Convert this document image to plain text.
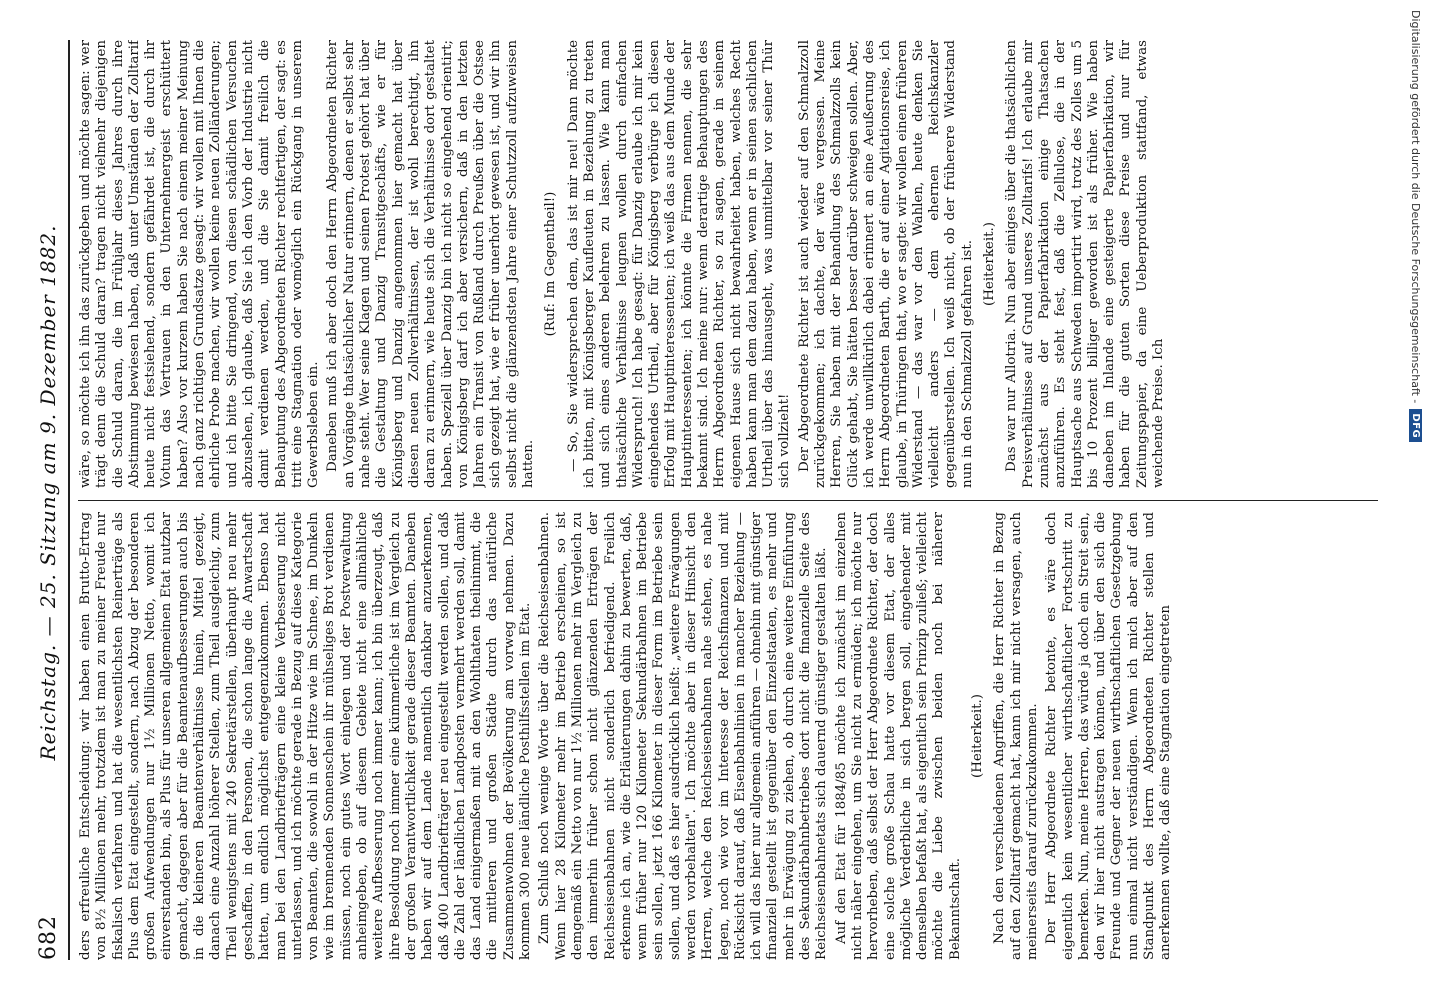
682
Reichstag. — 25. Sitzung am 9. Dezember 1882. ders erfreuliche Entscheidung: wir haben einen Brutto-Ertrag von 8½ Millionen mehr, trotzdem ist man zu meiner Freude nur fiskalisch verfahren und hat die wesentlichsten Reinerträge als Plus dem Etat eingestellt, sondern, nach Abzug der besonderen großen Aufwendungen nur 1½ Millionen Netto, womit ich einverstanden bin, als Plus für unseren allgemeinen Etat nutzbar gemacht, dagegen aber für die Beamtenaufbesserungen auch bis in die kleineren Beamtenverhältnisse hinein, Mittel gezeigt, danach eine Anzahl höherer Stellen, zum Theil ausgleichig, zum Theil wenigstens mit 240 Sekretärstellen, überhaupt neu mehr geschaffen, in den Personen, die schon lange die Anwartschaft hatten, um endlich möglichst entgegenzukommen. Ebenso hat man bei den Landbriefträgern eine kleine Verbesserung nicht unterlassen, und ich möchte gerade in Bezug auf diese Kategorie von Beamten, die sowohl in der Hitze wie im Schnee, im Dunkeln wie im brennenden Sonnenschein ihr mühseliges Brot verdienen müssen, noch ein gutes Wort einlegen und der Postverwaltung anheimgeben, ob auf diesem Gebiete nicht eine allmähliche weitere Aufbesserung noch immer kann; ich bin überzeugt, daß ihre Besoldung noch immer eine kümmerliche ist im Vergleich zu der großen Verantwortlichkeit gerade dieser Beamten. Daneben haben wir auf dem Lande namentlich dankbar anzuerkennen, daß 400 Landbriefträger neu eingestellt werden sollen, und daß die Zahl der ländlichen Landposten vermehrt werden soll, damit das Land einigermaßen mit an den Wohlthaten theilnimmt, die die mittleren und großen Städte durch das natürliche Zusammenwohnen der Bevölkerung am vorweg nehmen. Dazu kommen 300 neue ländliche Posthilfsstellen im Etat. Zum Schluß noch wenige Worte über die Reichseisenbahnen. Wenn hier 28 Kilometer mehr im Betrieb erscheinen, so ist demgemäß ein Netto von nur 1½ Millionen mehr im Vergleich zu den immerhin früher schon nicht glänzenden Erträgen der Reichseisenbahnen nicht sonderlich befriedigend. Freilich erkenne ich an, wie die Erläuterungen dahin zu bewerten, daß, wenn früher nur 120 Kilometer Sekundärbahnen im Betriebe sein sollen, jetzt 166 Kilometer in dieser Form im Betriebe sein sollen, und daß es hier ausdrücklich heißt: „weitere Erwägungen werden vorbehalten". Ich möchte aber in dieser Hinsicht den Herren, welche den Reichseisenbahnen nahe stehen, es nahe legen, noch wie vor im Interesse der Reichsfinanzen und mit Rücksicht darauf, daß Eisenbahnlinien in mancher Beziehung — ich will das hier nur allgemein anführen — ohnehin mit günstiger finanziell gestellt ist gegenüber den Einzelstaaten, es mehr und mehr in Erwägung zu ziehen, ob durch eine weitere Einführung des Sekundärbahnbetriebes dort nicht die finanzielle Seite des Reichseisenbahnetats sich dauernd günstiger gestalten läßt. Auf den Etat für 1884/85 möchte ich zunächst im einzelnen nicht näher eingehen, um Sie nicht zu ermüden; ich möchte nur hervorheben, daß selbst der Herr Abgeordnete Richter, der doch eine solche große Schau hatte vor diesem Etat, der alles mögliche Verderbliche in sich bergen soll, eingehender mit demselben befaßt hat, als eigentlich sein Prinzip zuließ; vielleicht möchte die Liebe zwischen beiden noch bei näherer Bekanntschaft.

(Heiterkeit.) Nach den verschiedenen Angriffen, die Herr Richter in Bezug auf den Zolltarif gemacht hat, kann ich mir nicht versagen, auch meinerseits darauf zurückzukommen. Der Herr Abgeordnete Richter betonte, es wäre doch eigentlich kein wesentlicher wirthschaftlicher Fortschritt zu bemerken. Nun, meine Herren, das würde ja doch ein Streit sein, den wir hier nicht austragen können, und über den sich die Freunde und Gegner der neuen wirthschaftlichen Gesetzgebung nun einmal nicht verständigen. Wenn ich mich aber auf den Standpunkt des Herrn Abgeordneten Richter stellen und anerkennen wollte, daß eine Stagnation eingetreten

wäre, so möchte ich ihn das zurückgeben und möchte sagen: wer trägt denn die Schuld daran? tragen nicht vielmehr diejenigen die Schuld daran, die im Frühjahr dieses Jahres durch ihre Abstimmung bewiesen haben, daß unter Umständen der Zolltarif heute nicht festsiehend, sondern gefährdet ist, die durch ihr Votum das Vertrauen in den Unternehmergeist erschüttert haben? Also vor kurzem haben Sie nach einem meiner Meinung nach ganz richtigen Grundsatze gesagt: wir wollen mit Ihnen die ehrliche Probe machen, wir wollen keine neuen Zolländerungen; und ich bitte Sie dringend, von diesen schädlichen Versuchen abzusehen, ich glaube, daß Sie ich den Vorb der Industrie nicht damit verdienen werden, und die Sie damit freilich die Behauptung des Abgeordneten Richter rechtfertigen, der sagt: es tritt eine Stagnation oder womöglich ein Rückgang in unserem Gewerbsleben ein. Daneben muß ich aber doch den Herrn Abgeordneten Richter an Vorgänge thatsächlicher Natur erinnern, denen er selbst sehr nahe steht. Wer seine Klagen und seinen Protest gehört hat über die Gestaltung und Danzig Transitgeschäfts, wie er für Königsberg und Danzig angenommen hier gemacht hat über diesen neuen Zollverhältnissen, der ist wohl berechtigt, ihn daran zu erinnern, wie heute sich die Verhältnisse dort gestaltet haben. Speziell über Danzig bin ich nicht so eingehend orientirt; von Königsberg darf ich aber versichern, daß in den letzten Jahren ein Transit von Rußland durch Preußen über die Ostsee sich gezeigt hat, wie er früher unerhört gewesen ist, und wir ihn selbst nicht die glänzendsten Jahre einer Schutzzoll aufzuweisen hatten.

(Ruf: Im Gegentheil!) — So, Sie widersprechen dem, das ist mir neu! Dann möchte ich bitten, mit Königsberger Kaufleuten in Beziehung zu treten und sich eines anderen belehren zu lassen. Wie kann man thatsächliche Verhältnisse leugnen wollen durch einfachen Widerspruch! Ich habe gesagt: für Danzig erlaube ich mir kein eingehendes Urtheil, aber für Königsberg verbürge ich diesen Erfolg mit Hauptinteressenten; ich weiß das aus dem Munde der Hauptinteressenten; ich könnte die Firmen nennen, die sehr bekannt sind. Ich meine nur: wenn derartige Behauptungen des Herrn Abgeordneten Richter, so zu sagen, gerade in seinem eigenen Hause sich nicht bewahrheitet haben, welches Recht haben kann man dem dazu haben, wenn er in seinen sachlichen Urtheil über das hinausgeht, was unmittelbar vor seiner Thür sich vollzieht! Der Abgeordnete Richter ist auch wieder auf den Schmalzzoll zurückgekommen; ich dachte, der wäre vergessen. Meine Herren, Sie haben mit der Behandlung des Schmalzzolls kein Glück gehabt, Sie hätten besser darüber schweigen sollen. Aber, ich werde unwillkürlich dabei erinnert an eine Aeußerung des Herrn Abgeordneten Barth, die er auf einer Agitationsreise, ich glaube, in Thüringen that, wo er sagte: wir wollen einen früheren Widerstand — das war vor den Wahlen, heute denken Sie vielleicht anders — dem ehernen Reichskanzler gegenüberstellen. Ich weiß nicht, ob der früherere Widerstand nun in den Schmalzzoll gefahren ist. (Heiterkeit.) Das war nur Allotria. Nun aber einiges über die thatsächlichen Preisverhältnisse auf Grund unseres Zolltarifs! Ich erlaube mir zunächst aus der Papierfabrikation einige Thatsachen anzuführen. Es steht fest, daß die Zellulose, die in der Hauptsache aus Schweden importirt wird, trotz des Zolles um 5 bis 10 Prozent billiger geworden ist als früher. Wie haben daneben im Inlande eine gesteigerte Papierfabrikation, wir haben für die guten Sorten diese Preise und nur für Zeitungspapier, da eine Ueberproduktion stattfand, etwas weichende Preise. Ich

Digitalisierung gefördert durch die Deutsche Forschungsgemeinschaft -
DFG
